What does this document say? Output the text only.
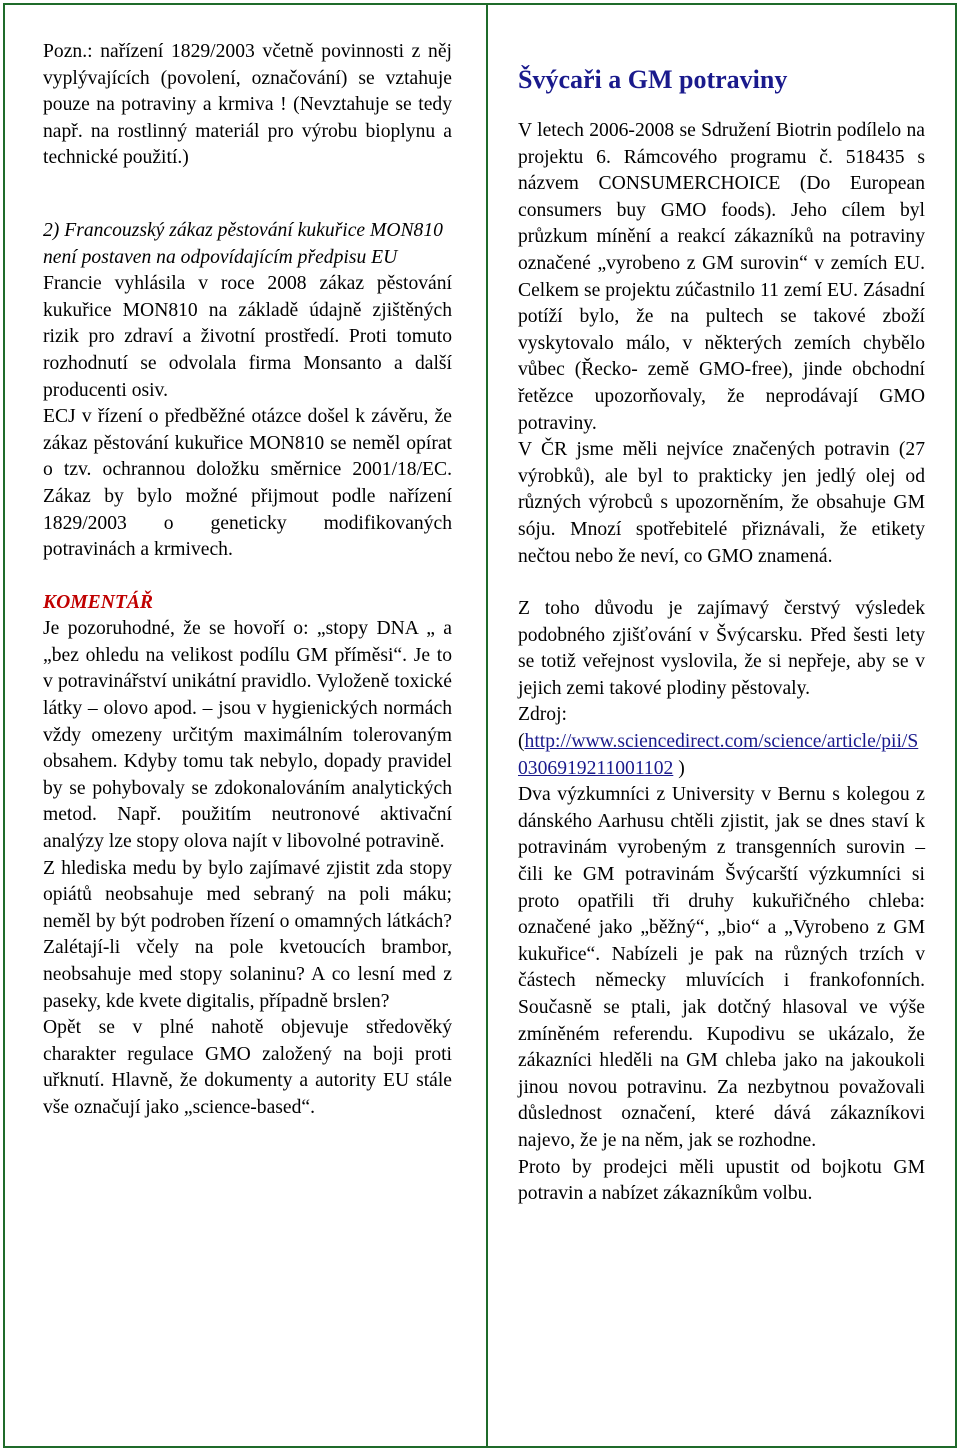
Pozn.: nařízení 1829/2003 včetně povinnosti z něj vyplývajících (povolení, označování) se vztahuje pouze na potraviny a krmiva ! (Nevztahuje se tedy např. na rostlinný materiál pro výrobu bioplynu a technické použití.)

2) Francouzský zákaz pěstování kukuřice MON810 není postaven na odpovídajícím předpisu EU

Francie vyhlásila v roce 2008 zákaz pěstování kukuřice MON810 na základě údajně zjištěných rizik pro zdraví a životní prostředí. Proti tomuto rozhodnutí se odvolala firma Monsanto a další producenti osiv.

ECJ v řízení o předběžné otázce došel k závěru, že zákaz pěstování kukuřice MON810 se neměl opírat o tzv. ochrannou doložku směrnice 2001/18/EC. Zákaz by bylo možné přijmout podle nařízení 1829/2003 o geneticky modifikovaných potravinách a krmivech.

KOMENTÁŘ

Je pozoruhodné, že se hovoří o: „stopy DNA „ a „bez ohledu na velikost podílu GM příměsi“. Je to v potravinářství unikátní pravidlo. Vyloženě toxické látky – olovo apod. – jsou v hygienických normách vždy omezeny určitým maximálním tolerovaným obsahem. Kdyby tomu tak nebylo, dopady pravidel by se pohybovaly se zdokonalováním analytických metod. Např. použitím neutronové aktivační analýzy lze stopy olova najít v libovolné potravině.

Z hlediska medu by bylo zajímavé zjistit zda stopy opiátů neobsahuje med sebraný na poli máku; neměl by být podroben řízení o omamných látkách? Zalétají-li včely na pole kvetoucích brambor, neobsahuje med stopy solaninu? A co lesní med z paseky, kde kvete digitalis, případně brslen?

Opět se v plné nahotě objevuje středověký charakter regulace GMO založený na boji proti uřknutí. Hlavně, že dokumenty a autority EU stále vše označují jako „science-based“.

Švýcaři a GM potraviny

V letech 2006-2008 se Sdružení Biotrin podílelo na projektu 6. Rámcového programu č. 518435 s názvem CONSUMERCHOICE (Do European consumers buy GMO foods). Jeho cílem byl průzkum mínění a reakcí zákazníků na potraviny označené „vyrobeno z GM surovin“ v zemích EU. Celkem se projektu zúčastnilo 11 zemí EU. Zásadní potíží bylo, že na pultech se takové zboží vyskytovalo málo, v některých zemích chybělo vůbec (Řecko- země GMO-free), jinde obchodní řetězce upozorňovaly, že neprodávají GMO potraviny.

V ČR jsme měli nejvíce značených potravin (27 výrobků), ale byl to prakticky jen jedlý olej od různých výrobců s upozorněním, že obsahuje GM sóju. Mnozí spotřebitelé přiznávali, že etikety nečtou nebo že neví, co GMO znamená.

Z toho důvodu je zajímavý čerstvý výsledek podobného zjišťování v Švýcarsku. Před šesti lety se totiž veřejnost vyslovila, že si nepřeje, aby se v jejich zemi takové plodiny pěstovaly.

Zdroj:

(http://www.sciencedirect.com/science/article/pii/S0306919211001102 )

Dva výzkumníci z University v Bernu s kolegou z dánského Aarhusu chtěli zjistit, jak se dnes staví k potravinám vyrobeným z transgenních surovin – čili ke GM potravinám Švýcarští výzkumníci si proto opatřili tři druhy kukuřičného chleba: označené jako „běžný“, „bio“ a „Vyrobeno z GM kukuřice“. Nabízeli je pak na různých trzích v částech německy mluvících i frankofonních. Současně se ptali, jak dotčný hlasoval ve výše zmíněném referendu. Kupodivu se ukázalo, že zákazníci hleděli na GM chleba jako na jakoukoli jinou novou potravinu. Za nezbytnou považovali důslednost označení, které dává zákazníkovi najevo, že je na něm, jak se rozhodne.

Proto by prodejci měli upustit od bojkotu GM potravin a nabízet zákazníkům volbu.
